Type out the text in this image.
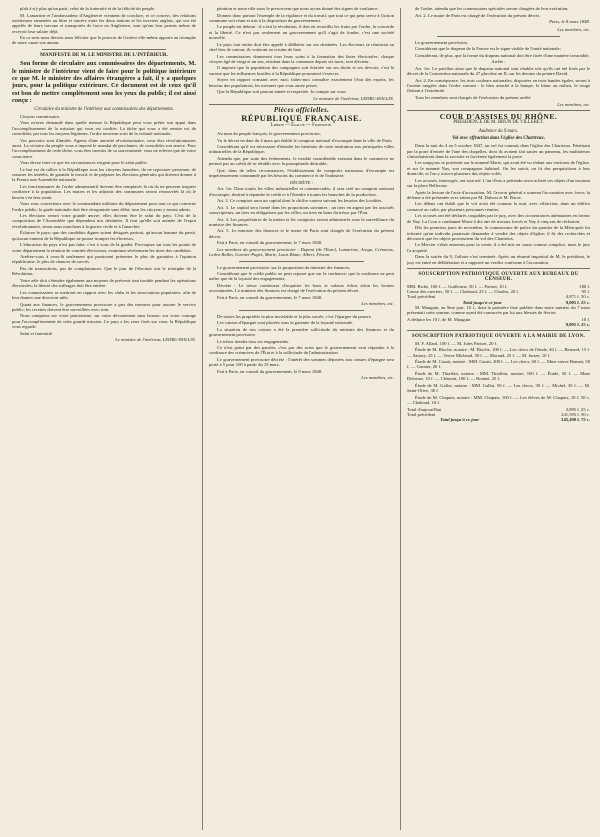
plaît à n'y plus qu'un parti, celui de la fraternité et de la félicité du peuple.

M. Lamartine et l'ambassadeur d'Angleterre viennent de conclure, et ce concert, des relations extérieures ramenées au libre et sincère entre les deux nations et les ouvriers anglais, qui ont été appelés de leurs travaux et transportés de force en Angleterre, sont qu'ont leur permis même de recevoir leur salaire déjà.

En ce sens nous devons nous féliciter que le pouvoir de Genève elle-même apporte au triomphe de notre cause son amour.

MANIFESTE DE M. LE MINISTRE DE L'INTÉRIEUR.

Son forme de circulaire aux commissaires des départements, M. le ministre de l'intérieur vient de faire pour le politique intérieure ce que M. le ministre des affaires étrangères a fait, il y a quelques jours, pour la politique extérieure. Ce document est de ceux qu'il est bon de mettre complètement sous les yeux du public; il est ainsi conçu :

Circulaire du ministre de l'intérieur aux commissaires des départements.

Citoyen commissaire,

Vous m'avez demandé dans quelle mesure la République peut vous prêter son appui dans l'accomplissement de la mission qui vous est confiée. La tâche qui vous a été remise est de consolider, par tous les moyens légitimes, l'ordre nouveau sorti de la volonté nationale.

Vos pouvoirs sont illimités. Agents d'une autorité révolutionnaire, vous êtes révolutionnaires aussi. La victoire du peuple vous a imposé le mandat de proclamer, de consolider son œuvre. Pour l'accomplissement de cette tâche, vous êtes investis de sa souveraineté; vous ne relevez que de votre conscience.

Vous devez faire ce que les circonstances exigent pour le salut public.

Le but est de rallier à la République tous les citoyens honnêtes, de ne repousser personne, de rassurer les intérêts, de garantir le travail, et de préparer les élections générales qui doivent donner à la France une Assemblée nationale.

Les fonctionnaires de l'ordre administratif doivent être remplacés là où ils ne peuvent inspirer confiance à la population. Les maires et les adjoints des communes seront renouvelés là où le besoin s'en fera sentir.

Vous vous concerterez avec le commandant militaire du département pour tout ce qui concerne l'ordre public; la garde nationale doit être réorganisée sans délai; tous les citoyens y seront admis.

Les élections seront votre grande œuvre; elles doivent être le salut du pays. C'est de la composition de l'Assemblée que dépendent nos destinées. Il faut qu'elle soit animée de l'esprit révolutionnaire, sinon nous marchons à la guerre civile et à l'anarchie.

Éclairez le pays; que des candidats dignes soient désignés partout, qu'aucun homme du passé, qu'aucun ennemi de la République ne puisse tromper les électeurs.

L'éducation du pays n'est pas faite; c'est à vous de la guider. Provoquez sur tous les points de votre département la réunion de comités électoraux; examinez sévèrement les titres des candidats.

Arrêtez-vous à ceux-là seulement qui paraissent présenter le plus de garanties à l'opinion républicaine, le plus de chances de succès.

Pas de transactions, pas de complaisances. Que le jour de l'élection soit le triomphe de la Révolution.

Votre zèle doit s'étendre également aux moyens de prévenir tout trouble pendant les opérations électorales; la liberté des suffrages doit être entière.

Les commissaires se mettront en rapport avec les clubs et les associations populaires, afin de leur donner une direction utile.

Quant aux finances, le gouvernement provisoire a pris des mesures pour assurer le service public; les recettes doivent être surveillées avec soin.

Nous comptons sur votre patriotisme, sur votre dévouement sans bornes, sur votre courage pour l'accomplissement de cette grande mission. Le pays a les yeux fixés sur vous; la République vous regarde.

Salut et fraternité.

Le ministre de l'intérieur, LEDRU-ROLLIN.

pération et notre rôle nous le prescrivent que nous ayons donné des signes de confiance.

Donnez donc partout l'exemple de la vigilance et du travail; que tout ce qui peut servir à l'action commune soit réuni et mis à la disposition du gouvernement.

Le peuple est debout : il a fait la révolution, il doit en recueillir les fruits par l'ordre, la concorde et la liberté. Ce n'est pas seulement un gouvernement qu'il s'agit de fonder, c'est une société nouvelle.

Le pays tout entier doit être appelé à délibérer sur ses destinées. Les électeurs se réuniront au chef-lieu de canton; ils voteront au scrutin de liste.

Les commissaires donneront tous leurs soins à la formation des listes électorales; chaque citoyen âgé de vingt et un ans, résidant dans la commune depuis six mois, sera électeur.

Il importe que la population des campagnes soit éclairée sur ses droits et ses devoirs; c'est là surtout que les influences hostiles à la République pourraient s'exercer.

Soyez en rapport constant avec moi; faites-moi connaître exactement l'état des esprits, les besoins des populations, les mesures que vous aurez prises.

Que la République soit partout aimée et respectée. Je compte sur vous.

Le ministre de l'intérieur, LEDRU-ROLLIN.
Pièces officielles.
RÉPUBLIQUE FRANÇAISE.
Liberté — Égalité — Fraternité.

Au nom du peuple français, le gouvernement provisoire,

Vu le décret en date du 4 mars qui établit le comptoir national d'escompte dans la ville de Paris;

Considérant qu'il est nécessaire d'étendre les bienfaits de cette institution aux principales villes industrielles de la République;

Attendu que, par suite des événements, le trouble considérable existant dans le commerce ne permet pas au crédit de se rétablir avec la promptitude désirable;

Que, dans de telles circonstances, l'établissement de comptoirs nationaux d'escompte est impérieusement commandé par les besoins du commerce et de l'industrie;

DÉCRÈTE :

Art. 1er. Dans toutes les villes industrielles et commerciales, il sera créé un comptoir national d'escompte, destiné à répandre le crédit et à l'étendre à toutes les branches de la production.

Art. 2. Ce comptoir aura un capital dont le chiffre variera suivant les besoins des localités.

Art. 3. Le capital sera formé dans les proportions suivantes : un tiers en argent par les associés souscripteurs; un tiers en obligations par les villes; un tiers en bons du trésor par l'État.

Art. 4. Les propriétaires de la nation et les comptoirs seront administrés sous la surveillance du ministre des finances.

Art. 5. Le ministre des finances et le maire de Paris sont chargés de l'exécution du présent décret.

Fait à Paris, en conseil du gouvernement, le 7 mars 1848.

Les membres du gouvernement provisoire : Dupont (de l'Eure), Lamartine, Arago, Crémieux, Ledru-Rollin, Garnier-Pagès, Marie, Louis Blanc, Albert, Flocon.

Le gouvernement provisoire, sur la proposition du ministre des finances,

Considérant que le crédit public ne peut reposer que sur la confiance; que la confiance ne peut naître que de la loyauté des engagements;

Décrète : Le trésor continuera d'acquitter les bons et valeurs échus selon les formes accoutumées. Le ministre des finances est chargé de l'exécution du présent décret.

Fait à Paris, en conseil du gouvernement, le 7 mars 1848.

Les membres, etc.

De toutes les propriétés la plus inviolable et la plus sacrée, c'est l'épargne du pauvre.

Les caisses d'épargne sont placées sous la garantie de la loyauté nationale.

La situation de nos caisses a été la première sollicitude du ministre des finances et du gouvernement provisoire.

Le trésor tiendra tous ses engagements.

Ce n'est point par des paroles, c'est par des actes que le gouvernement veut répondre à la confiance des créanciers de l'État et à la sollicitude de l'administration.

Le gouvernement provisoire décrète : l'intérêt des sommes déposées aux caisses d'épargne sera porté à 5 pour 100 à partir du 15 mars.

Fait à Paris, en conseil du gouvernement, le 9 mars 1848.

Les membres, etc.

de l'ordre, attendu que les commissions spéciales seront chargées de leur exécution,

Art. 2. Le maire de Paris est chargé de l'exécution du présent décret.

Paris, le 8 mars 1848.
Les membres, etc.

Le gouvernement provisoire,

Considérant que le drapeau de la France est le signe visible de l'unité nationale;

Considérant, de plus, que la forme du drapeau national doit être fixée d'une manière invariable,

Arrête :

Art. 1er. Le pavillon ainsi que le drapeau national sont rétablis tels qu'ils ont été fixés par le décret de la Convention nationale du 27 pluviôse an II, sur les dessins du peintre David.

Art. 2. En conséquence, les trois couleurs nationales, disposées en trois bandes égales, seront à l'avenir rangées dans l'ordre suivant : le bleu attaché à la hampe, le blanc au milieu, le rouge flottant à l'extrémité.

Tous les membres sont chargés de l'exécution du présent arrêté.

Les membres, etc.
COUR D'ASSISES DU RHÔNE.
PRÉSIDENCE DE M. BRUN DE VILLERET.
Audience du 9 mars.
Vol avec effraction dans l'église des Chartreux.

Dans la nuit du 4 au 5 octobre 1847, un vol fut commis dans l'église des Chartreux. Pénétrant par la porte d'entrée de l'une des chapelles, dont ils avaient fait sauter un panneau, les malfaiteurs s'introduisirent dans la sacristie et forcèrent également la porte.

Les soupçons se portèrent sur le nommé Marie, qui avait été vu rôdant aux environs de l'église, et sur le nommé Nay, son compagnon habituel. On les suivit, on fit des perquisitions à leur domicile, et l'on y trouva plusieurs des objets volés.

Les accusés, interrogés, ont tout nié. L'un d'eux a prétendu avoir acheté ces objets d'un inconnu sur la place Bellecour.

Après la lecture de l'acte d'accusation, M. l'avocat général a soutenu l'accusation avec force; la défense a été présentée avec talent par M. Dubost et M. Bacot.

Les débats ont établi que le vol avait été commis la nuit, avec effraction, dans un édifice consacré au culte, par plusieurs personnes réunies.

Les accusés ont été déclarés coupables par le jury, avec des circonstances atténuantes en faveur de Nay. La Cour a condamné Marie à dix ans de travaux forcés et Nay à cinq ans de réclusion.

Dès les premiers jours de novembre, le commissaire de police du quartier de la Métropole fut informé qu'un individu paraissait demander à vendre des objets d'église; il fit des recherches et découvrit que les objets provenaient du vol des Chartreux.

Le Mercier s'était entremis pour la vente; il a été mis en cause comme complice, mais le jury l'a acquitté.

Dans la soirée du 9, l'affaire s'est terminée. Après un résumé impartial de M. le président, le jury est entré en délibération et a rapporté un verdict conforme à l'accusation.

SOUSCRIPTION PATRIOTIQUE OUVERTE AUX BUREAUX DU CENSEUR.
MM. Riche, 100 f. — Guillerme, 50 f. — Pariset, 10 f.	180 f.
Caisse des ouvriers, 50 f. — Chaboud, 25 f. — Charles, 20 f.	95 f.
Total précédent	4,871 f. 50 c.
Total jusqu'à ce jour	9,005 f. 25 c.

M. Mauguin, au 9me jour, 10 f., dont la première liste publiée dans notre numéro du 7 mars présentait cette somme, comme ayant été consacrée par lui aux blessés de février.

A déduire les 10 f. de M. Mauguin	10 f.
	9,095 f. 25 c.
SOUSCRIPTION PATRIOTIQUE OUVERTE A LA MAIRIE DE LYON.

M. F. Allard, 100 f. — M. Jules Pariset, 20 f.

Étude de M. Bioche, notaire : M. Bioche, 100 f. — Les clercs de l'étude, 40 f. — Bernard, 15 f. — Sauzey, 25 f. — Veuve Michaud, 30 f. — Morand, 25 f. — M. Jurien, 10 f.

Étude de M. Casati, notaire : MM. Casati, 200 f. — Les clercs, 60 f. — Mme veuve Bonnet, 50 f. — Garnier, 20 f.

Étude de M. Thiaffait, notaire : MM. Thiaffait, notaire, 100 f. — Étude, 50 f. — Mme Delorme, 10 f. — Clément, 100 f. — Bonnet, 25 f.

Étude de M. Gallot, notaire : MM. Gallot, 50 f. — Les clercs, 30 f. — Michel, 30 f. — M. Saint-Olive, 30 f.

Étude de M. Chapuis, notaire : MM. Chapuis, 100 f. — Les élèves de M. Chapuis, 18 f. 50 c. — Chaboud, 10 f.

Total d'aujourd'hui	3,895 f. 25 c.
Total précédent	241,595 f. 50 c.
Total jusqu'à ce jour	245,490 f. 75 c.
